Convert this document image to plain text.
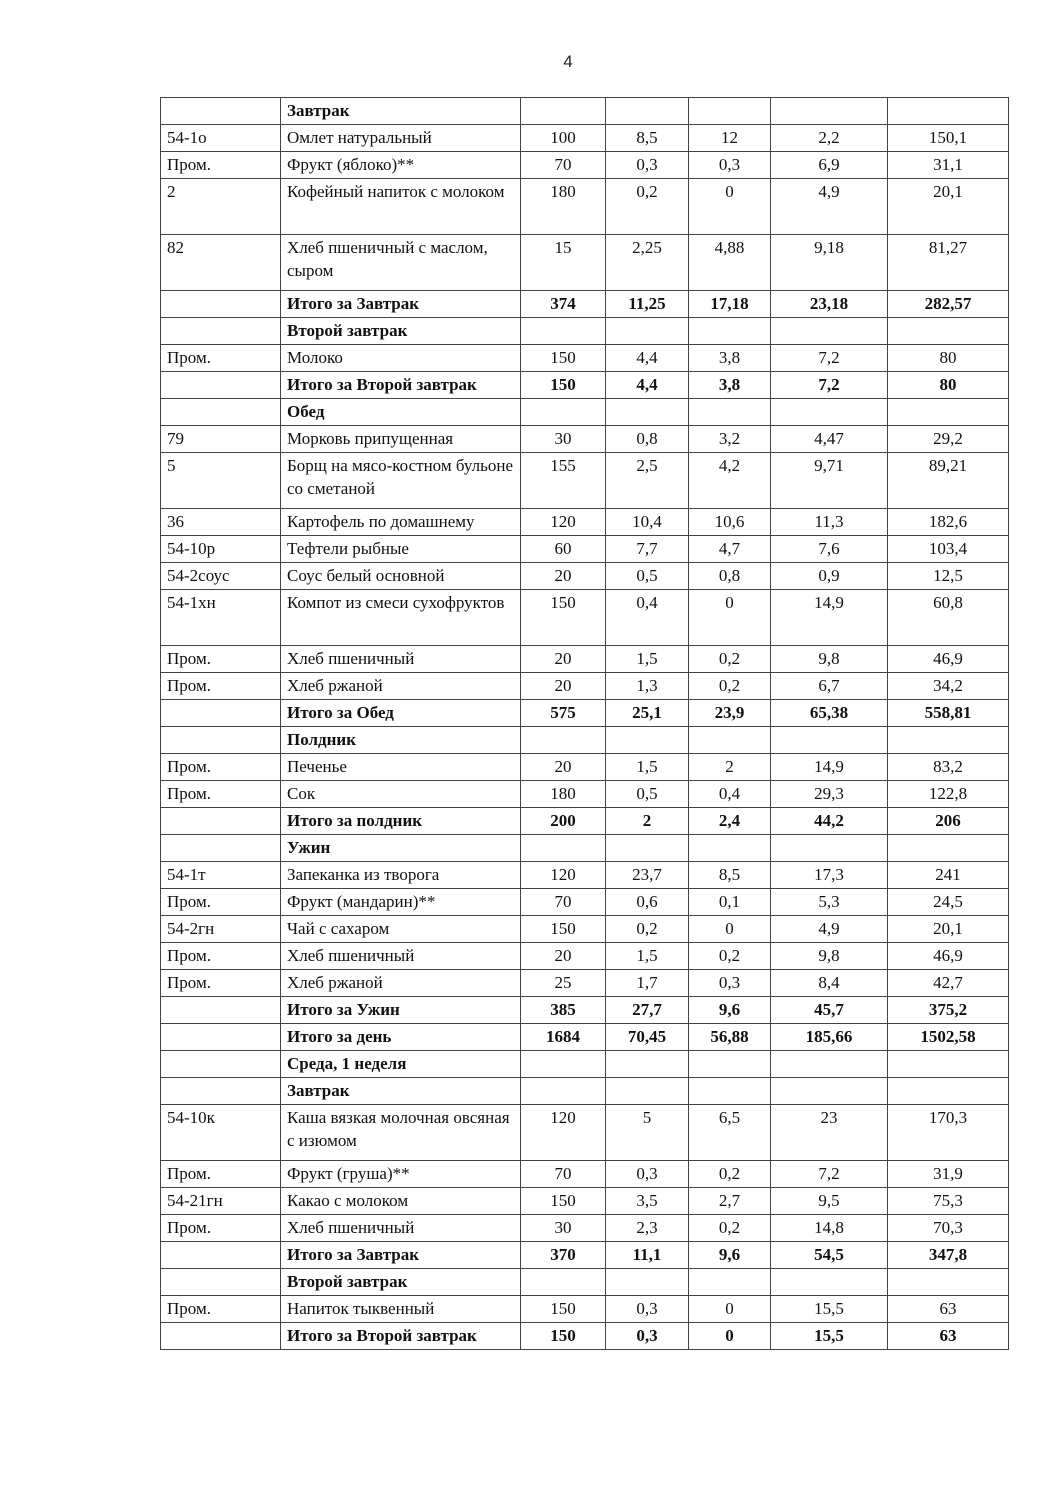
4
	Завтрак					
54-1о	Омлет натуральный	100	8,5	12	2,2	150,1
Пром.	Фрукт (яблоко)**	70	0,3	0,3	6,9	31,1
2	Кофейный напиток с молоком	180	0,2	0	4,9	20,1
82	Хлеб пшеничный с маслом, сыром	15	2,25	4,88	9,18	81,27
	Итого за Завтрак	374	11,25	17,18	23,18	282,57
	Второй завтрак					
Пром.	Молоко	150	4,4	3,8	7,2	80
	Итого за Второй завтрак	150	4,4	3,8	7,2	80
	Обед					
79	Морковь припущенная	30	0,8	3,2	4,47	29,2
5	Борщ на мясо-костном бульоне со сметаной	155	2,5	4,2	9,71	89,21
36	Картофель по домашнему	120	10,4	10,6	11,3	182,6
54-10р	Тефтели рыбные	60	7,7	4,7	7,6	103,4
54-2соус	Соус белый основной	20	0,5	0,8	0,9	12,5
54-1хн	Компот из смеси сухофруктов	150	0,4	0	14,9	60,8
Пром.	Хлеб пшеничный	20	1,5	0,2	9,8	46,9
Пром.	Хлеб ржаной	20	1,3	0,2	6,7	34,2
	Итого за Обед	575	25,1	23,9	65,38	558,81
	Полдник					
Пром.	Печенье	20	1,5	2	14,9	83,2
Пром.	Сок	180	0,5	0,4	29,3	122,8
	Итого за полдник	200	2	2,4	44,2	206
	Ужин					
54-1т	Запеканка из творога	120	23,7	8,5	17,3	241
Пром.	Фрукт (мандарин)**	70	0,6	0,1	5,3	24,5
54-2гн	Чай с сахаром	150	0,2	0	4,9	20,1
Пром.	Хлеб пшеничный	20	1,5	0,2	9,8	46,9
Пром.	Хлеб ржаной	25	1,7	0,3	8,4	42,7
	Итого за Ужин	385	27,7	9,6	45,7	375,2
	Итого за день	1684	70,45	56,88	185,66	1502,58
	Среда, 1 неделя					
	Завтрак					
54-10к	Каша вязкая молочная овсяная с изюмом	120	5	6,5	23	170,3
Пром.	Фрукт (груша)**	70	0,3	0,2	7,2	31,9
54-21гн	Какао с молоком	150	3,5	2,7	9,5	75,3
Пром.	Хлеб пшеничный	30	2,3	0,2	14,8	70,3
	Итого за Завтрак	370	11,1	9,6	54,5	347,8
	Второй завтрак					
Пром.	Напиток тыквенный	150	0,3	0	15,5	63
	Итого за Второй завтрак	150	0,3	0	15,5	63
